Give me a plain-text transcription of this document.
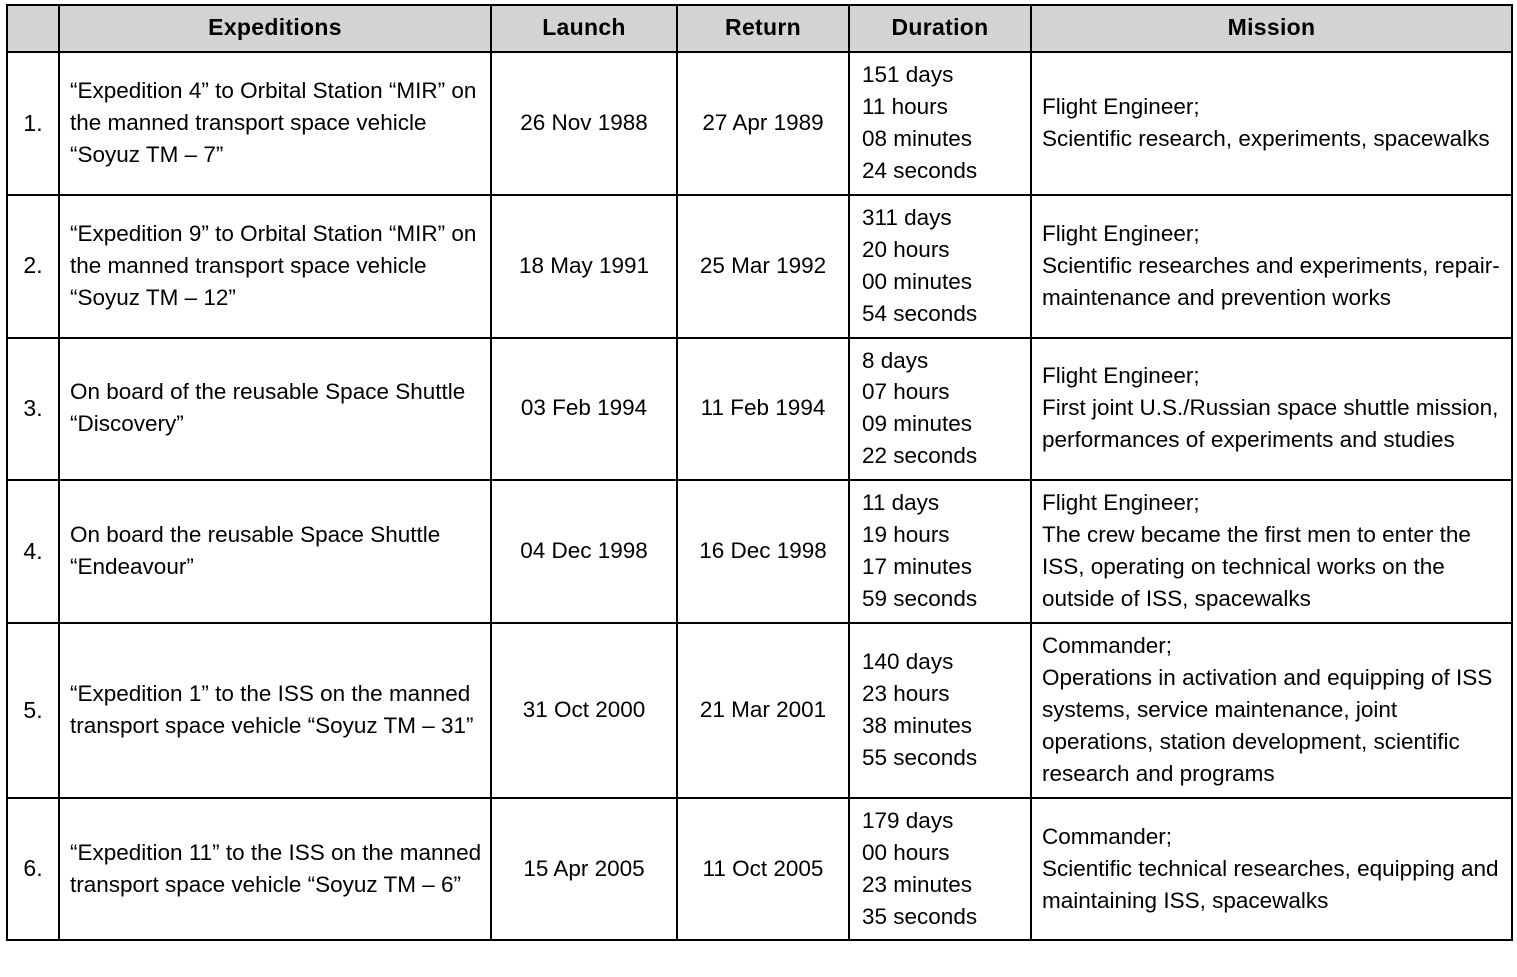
	Expeditions	Launch	Return	Duration	Mission
1.	“Expedition 4” to Orbital Station “MIR” on the manned transport space vehicle “Soyuz TM – 7”	26 Nov 1988	27 Apr 1989	151 days
11 hours
08 minutes
24 seconds	Flight Engineer;
Scientific research, experiments, spacewalks

2.	“Expedition 9” to Orbital Station “MIR” on the manned transport space vehicle “Soyuz TM – 12”	18 May 1991	25 Mar 1992	311 days
20 hours
00 minutes
54 seconds	Flight Engineer;
Scientific researches and experiments, repair- maintenance and prevention works

3.	On board of the reusable Space Shuttle “Discovery”	03 Feb 1994	11 Feb 1994	8 days
07 hours
09 minutes
22 seconds	Flight Engineer;
First joint U.S./Russian space shuttle mission, performances of experiments and studies

4.	On board the reusable Space Shuttle “Endeavour”	04 Dec 1998	16 Dec 1998	11 days
19 hours
17 minutes
59 seconds	Flight Engineer;
The crew became the first men to enter the ISS, operating on technical works on the outside of ISS, spacewalks

5.	“Expedition 1” to the ISS on the manned transport space vehicle “Soyuz TM – 31”	31 Oct 2000	21 Mar 2001	140 days
23 hours
38 minutes
55 seconds	Commander;
Operations in activation and equipping of ISS systems, service maintenance, joint operations, station development, scientific research and programs

6.	“Expedition 11” to the ISS on the manned transport space vehicle “Soyuz TM – 6”	15 Apr 2005	11 Oct 2005	179 days
00 hours
23 minutes
35 seconds	Commander;
Scientific technical researches, equipping and maintaining ISS, spacewalks
